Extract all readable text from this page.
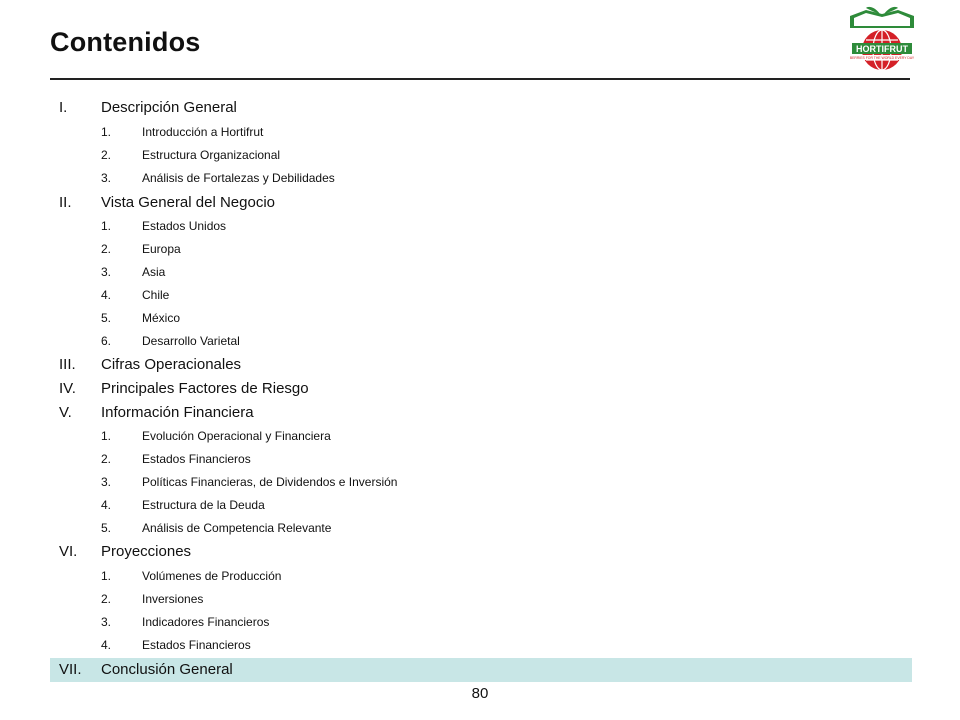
Contenidos	HORTIFRUT
BERRIES FOR THE WORLD EVERY DAY
I. Descripción General
1.	Introducción a Hortifrut
2.	Estructura Organizacional
3.	Análisis de Fortalezas y Debilidades
II. Vista General del Negocio
1.	Estados Unidos
2.	Europa
3.	Asia
4.	Chile
5.	México
6.	Desarrollo Varietal
III. Cifras Operacionales
IV. Principales Factores de Riesgo
V. Información Financiera
1.	Evolución Operacional y Financiera
2.	Estados Financieros
3.	Políticas Financieras, de Dividendos e Inversión
4.	Estructura de la Deuda
5.	Análisis de Competencia Relevante
VI. Proyecciones
1.	Volúmenes de Producción
2.	Inversiones
3.	Indicadores Financieros
4.	Estados Financieros
VII. Conclusión General
80
